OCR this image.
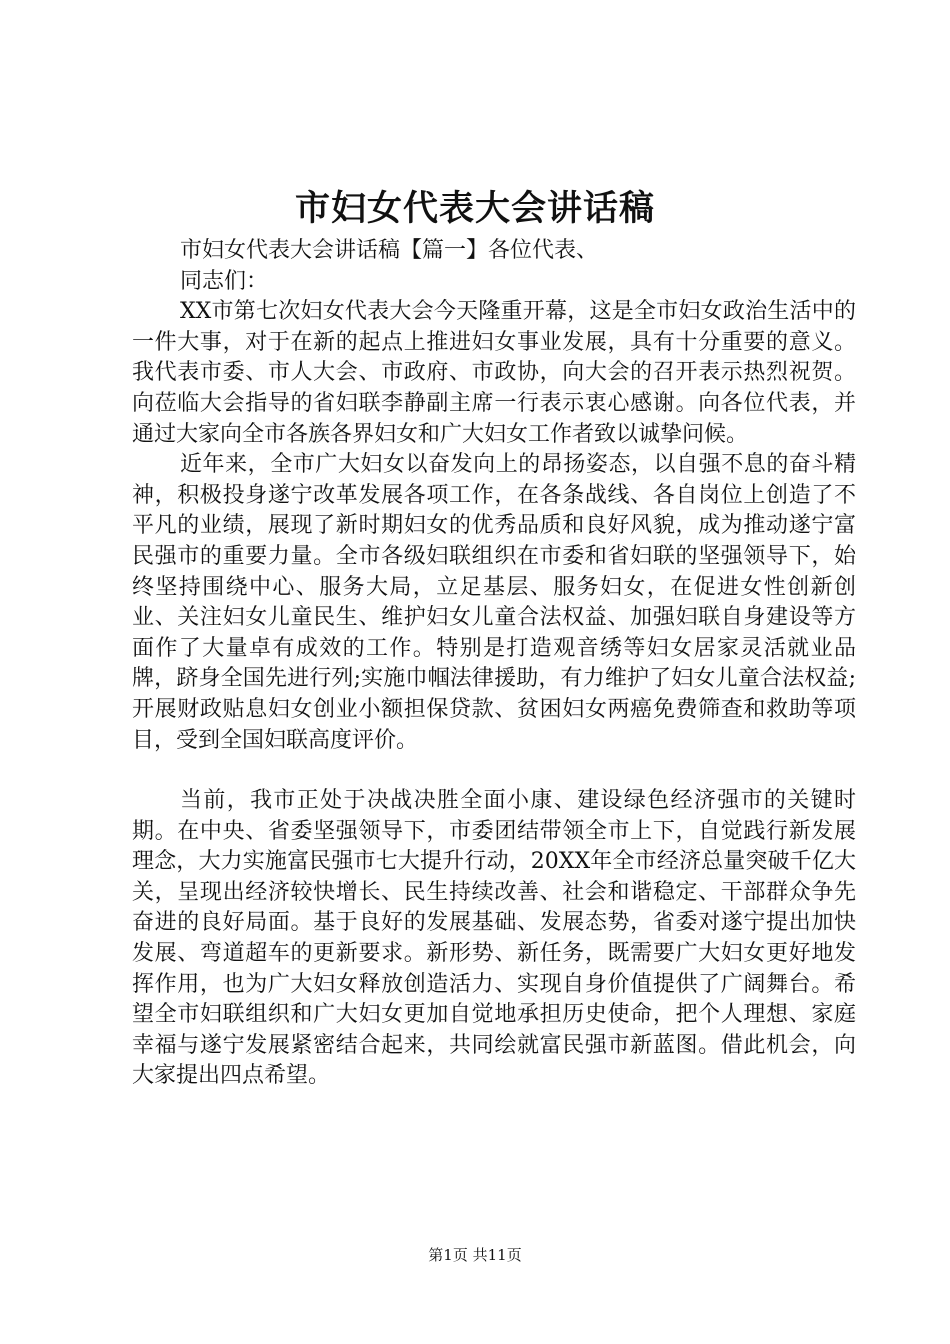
市妇女代表大会讲话稿

市妇女代表大会讲话稿【篇一】各位代表、

同志们：

XX市第七次妇女代表大会今天隆重开幕，这是全市妇女政治生活中的一件大事，对于在新的起点上推进妇女事业发展，具有十分重要的意义。我代表市委、市人大会、市政府、市政协，向大会的召开表示热烈祝贺。向莅临大会指导的省妇联李静副主席一行表示衷心感谢。向各位代表，并通过大家向全市各族各界妇女和广大妇女工作者致以诚挚问候。

近年来，全市广大妇女以奋发向上的昂扬姿态，以自强不息的奋斗精神，积极投身遂宁改革发展各项工作，在各条战线、各自岗位上创造了不平凡的业绩，展现了新时期妇女的优秀品质和良好风貌，成为推动遂宁富民强市的重要力量。全市各级妇联组织在市委和省妇联的坚强领导下，始终坚持围绕中心、服务大局，立足基层、服务妇女，在促进女性创新创业、关注妇女儿童民生、维护妇女儿童合法权益、加强妇联自身建设等方面作了大量卓有成效的工作。特别是打造观音绣等妇女居家灵活就业品牌，跻身全国先进行列;实施巾帼法律援助，有力维护了妇女儿童合法权益;开展财政贴息妇女创业小额担保贷款、贫困妇女两癌免费筛查和救助等项目，受到全国妇联高度评价。

当前，我市正处于决战决胜全面小康、建设绿色经济强市的关键时期。在中央、省委坚强领导下，市委团结带领全市上下，自觉践行新发展理念，大力实施富民强市七大提升行动，20XX年全市经济总量突破千亿大关，呈现出经济较快增长、民生持续改善、社会和谐稳定、干部群众争先奋进的良好局面。基于良好的发展基础、发展态势，省委对遂宁提出加快发展、弯道超车的更新要求。新形势、新任务，既需要广大妇女更好地发挥作用，也为广大妇女释放创造活力、实现自身价值提供了广阔舞台。希望全市妇联组织和广大妇女更加自觉地承担历史使命，把个人理想、家庭幸福与遂宁发展紧密结合起来，共同绘就富民强市新蓝图。借此机会，向大家提出四点希望。

第1页 共11页
